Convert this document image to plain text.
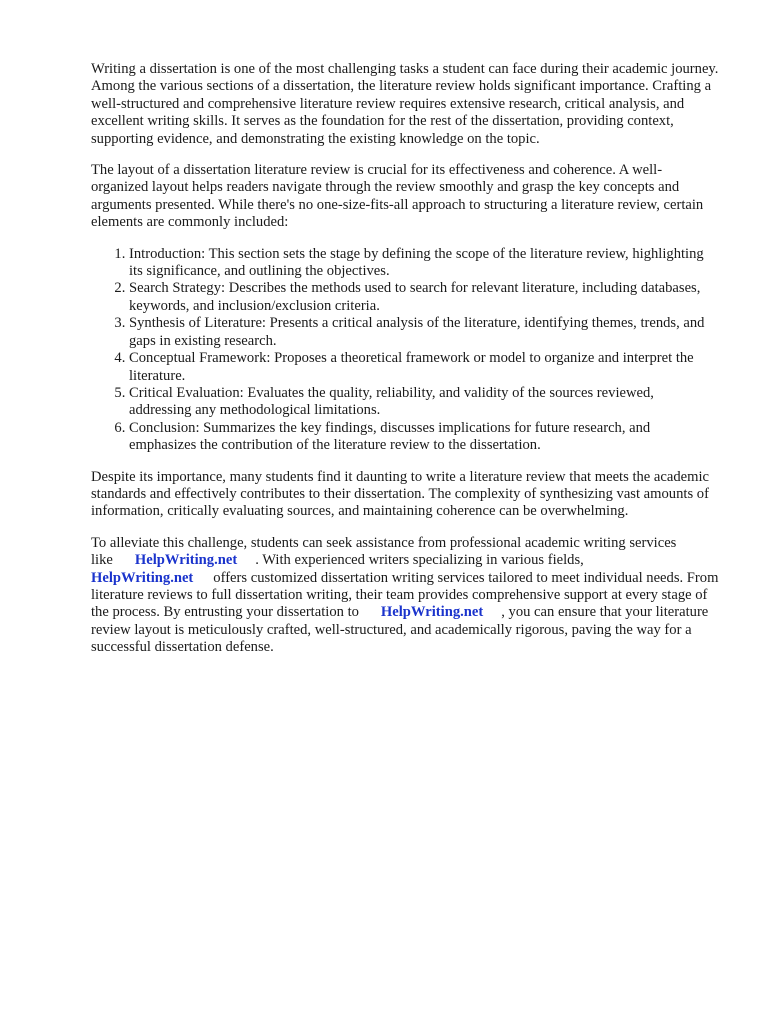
Writing a dissertation is one of the most challenging tasks a student can face during their academic journey. Among the various sections of a dissertation, the literature review holds significant importance. Crafting a well-structured and comprehensive literature review requires extensive research, critical analysis, and excellent writing skills. It serves as the foundation for the rest of the dissertation, providing context, supporting evidence, and demonstrating the existing knowledge on the topic.

The layout of a dissertation literature review is crucial for its effectiveness and coherence. A well-organized layout helps readers navigate through the review smoothly and grasp the key concepts and arguments presented. While there's no one-size-fits-all approach to structuring a literature review, certain elements are commonly included:

1. Introduction: This section sets the stage by defining the scope of the literature review, highlighting its significance, and outlining the objectives.
2. Search Strategy: Describes the methods used to search for relevant literature, including databases, keywords, and inclusion/exclusion criteria.
3. Synthesis of Literature: Presents a critical analysis of the literature, identifying themes, trends, and gaps in existing research.
4. Conceptual Framework: Proposes a theoretical framework or model to organize and interpret the literature.
5. Critical Evaluation: Evaluates the quality, reliability, and validity of the sources reviewed, addressing any methodological limitations.
6. Conclusion: Summarizes the key findings, discusses implications for future research, and emphasizes the contribution of the literature review to the dissertation.

Despite its importance, many students find it daunting to write a literature review that meets the academic standards and effectively contributes to their dissertation. The complexity of synthesizing vast amounts of information, critically evaluating sources, and maintaining coherence can be overwhelming.

To alleviate this challenge, students can seek assistance from professional academic writing services like HelpWriting.net . With experienced writers specializing in various fields, HelpWriting.net offers customized dissertation writing services tailored to meet individual needs. From literature reviews to full dissertation writing, their team provides comprehensive support at every stage of the process. By entrusting your dissertation to HelpWriting.net , you can ensure that your literature review layout is meticulously crafted, well-structured, and academically rigorous, paving the way for a successful dissertation defense.
